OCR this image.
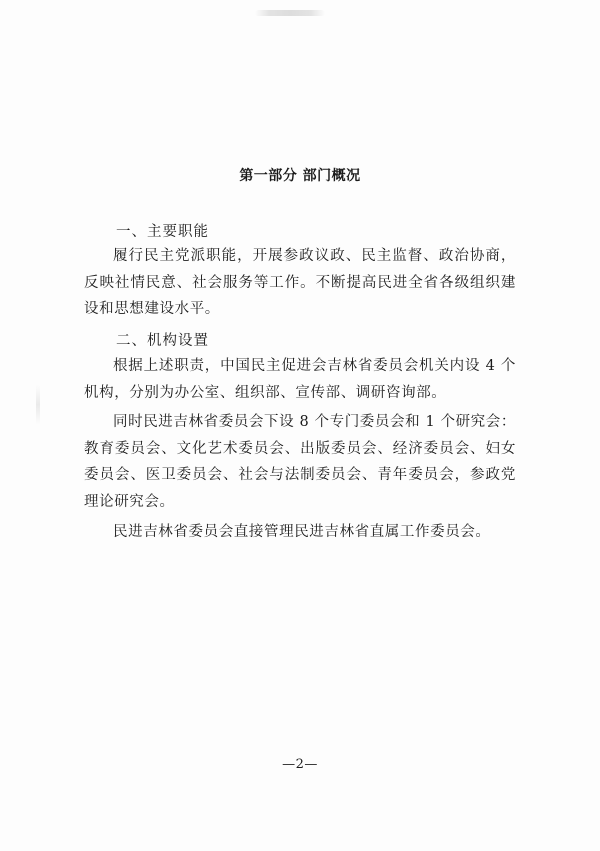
第一部分 部门概况
一、主要职能

履行民主党派职能，开展参政议政、民主监督、政治协商，反映社情民意、社会服务等工作。不断提高民进全省各级组织建设和思想建设水平。

二、机构设置

根据上述职责，中国民主促进会吉林省委员会机关内设 4 个机构，分别为办公室、组织部、宣传部、调研咨询部。

同时民进吉林省委员会下设 8 个专门委员会和 1 个研究会：教育委员会、文化艺术委员会、出版委员会、经济委员会、妇女委员会、医卫委员会、社会与法制委员会、青年委员会，参政党理论研究会。

民进吉林省委员会直接管理民进吉林省直属工作委员会。

—2—
